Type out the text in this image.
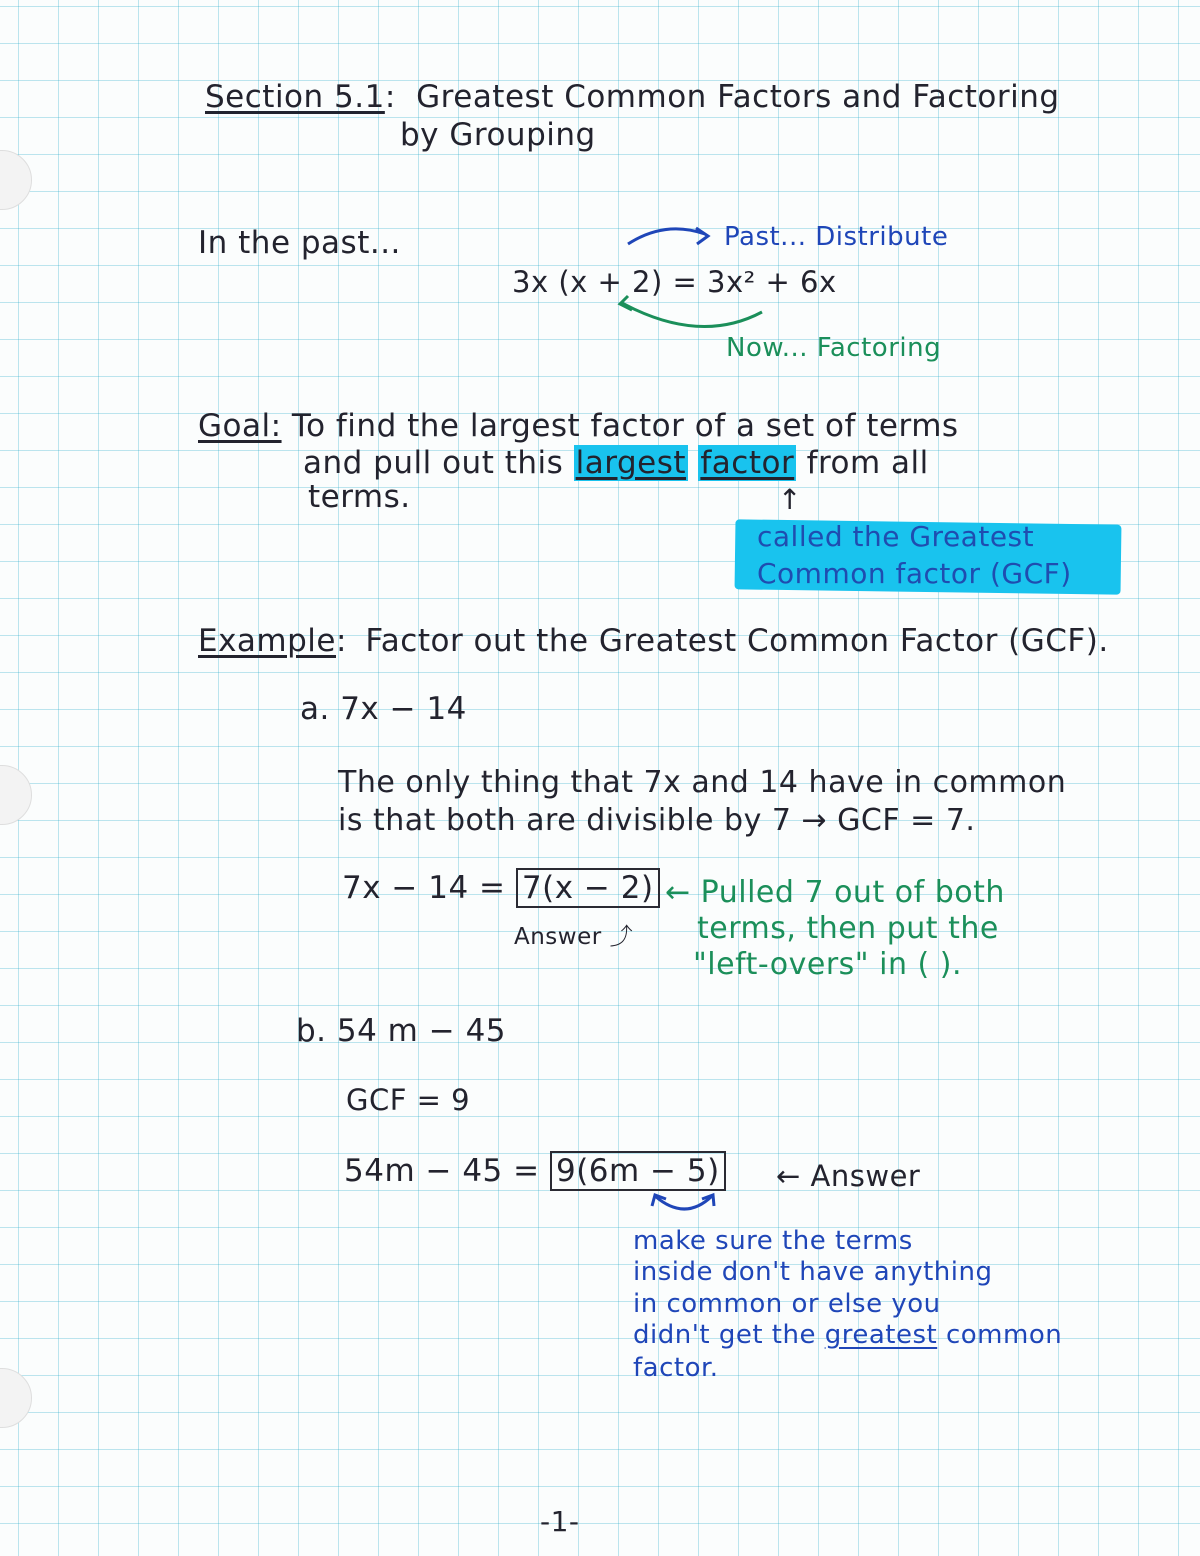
Section 5.1: Greatest Common Factors and Factoring
by Grouping
In the past...	Past... Distribute
3x (x + 2) = 3x² + 6x
Now... Factoring
Goal: To find the largest factor of a set of terms
and pull out this largest factor from all
terms.	↑
called the Greatest
Common factor (GCF)
Example: Factor out the Greatest Common Factor (GCF).
a. 7x − 14
The only thing that 7x and 14 have in common
is that both are divisible by 7 → GCF = 7.
7x − 14 = 7(x − 2)
Answer ⤴
← Pulled 7 out of both
terms, then put the
"left-overs" in ( ).
b. 54 m − 45
GCF = 9
54m − 45 = 9(6m − 5) ← Answer
make sure the terms
inside don't have anything
in common or else you
didn't get the greatest common
factor.
-1-
